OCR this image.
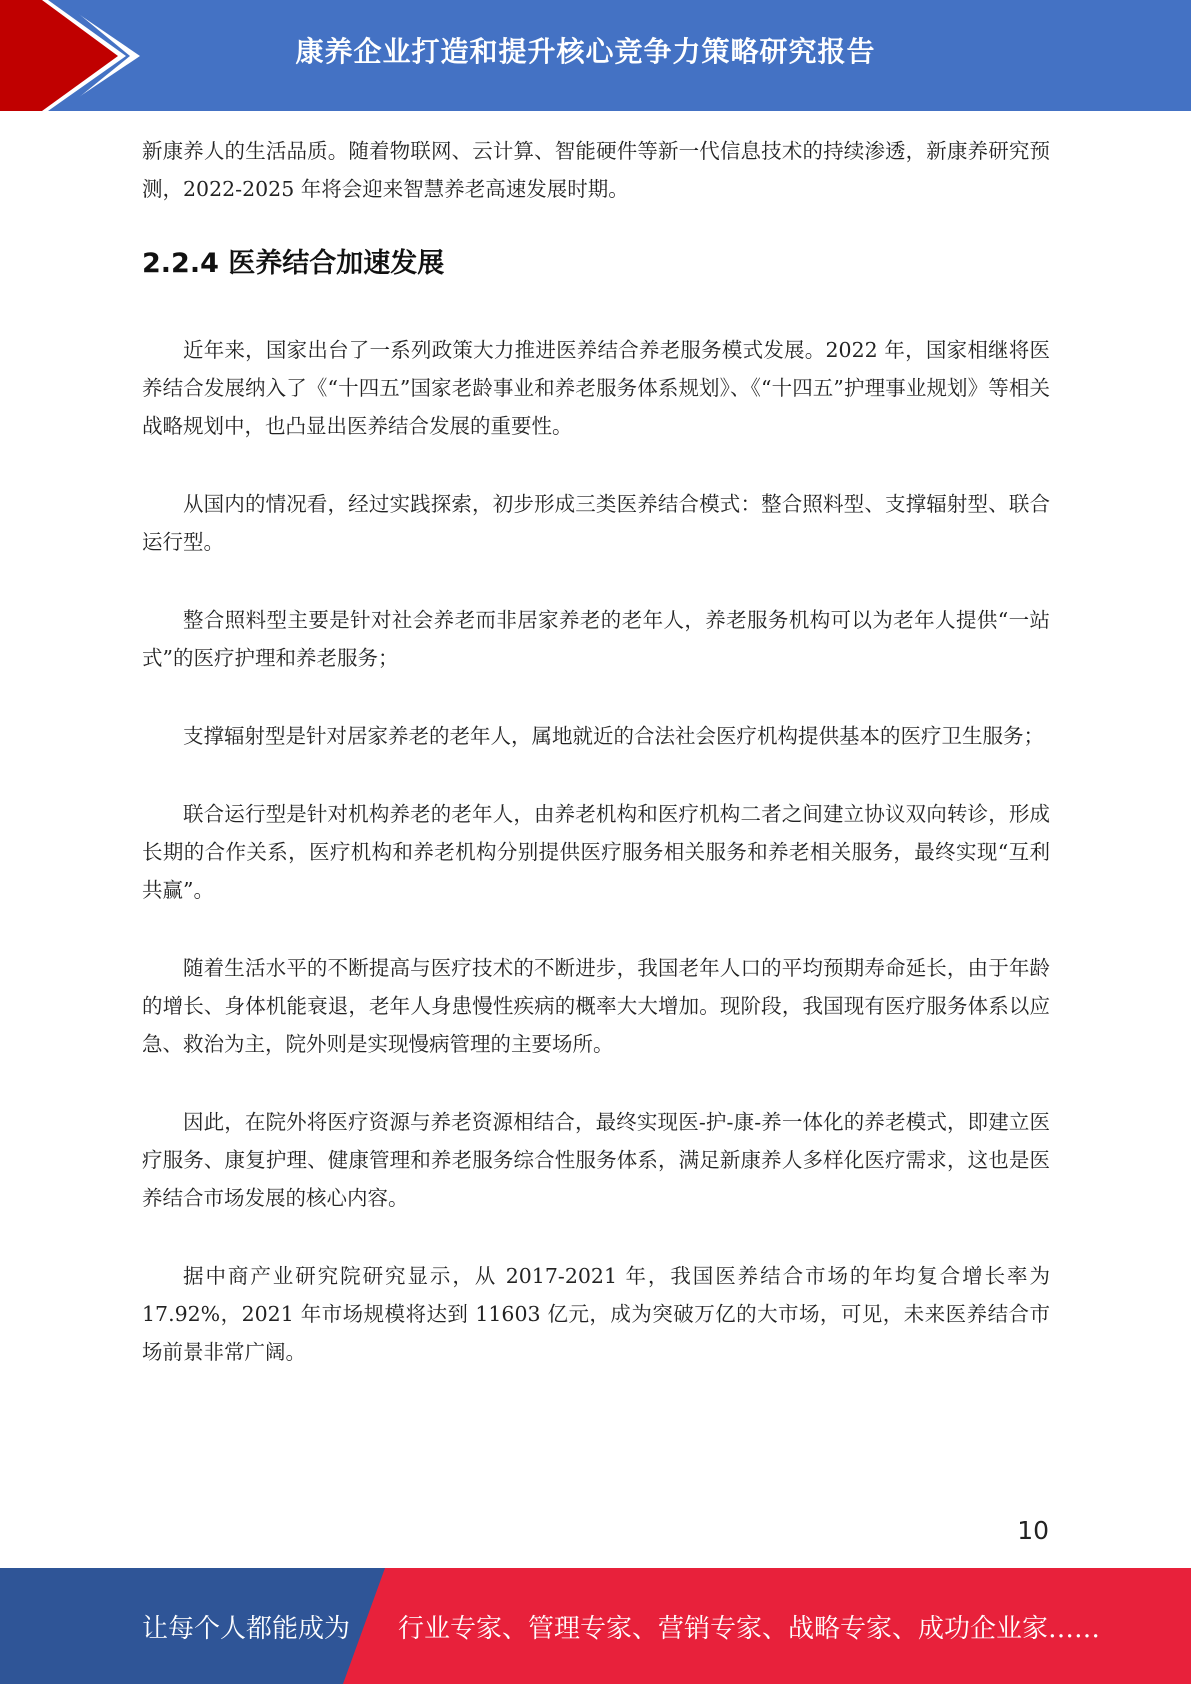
康养企业打造和提升核心竞争力策略研究报告

新康养人的生活品质。随着物联网、云计算、智能硬件等新一代信息技术的持续渗透，新康养研究预测，2022-2025 年将会迎来智慧养老高速发展时期。

2.2.4 医养结合加速发展

近年来，国家出台了一系列政策大力推进医养结合养老服务模式发展。2022 年，国家相继将医养结合发展纳入了《“十四五”国家老龄事业和养老服务体系规划》、《“十四五”护理事业规划》等相关战略规划中，也凸显出医养结合发展的重要性。

从国内的情况看，经过实践探索，初步形成三类医养结合模式：整合照料型、支撑辐射型、联合运行型。

整合照料型主要是针对社会养老而非居家养老的老年人，养老服务机构可以为老年人提供“一站式”的医疗护理和养老服务；

支撑辐射型是针对居家养老的老年人，属地就近的合法社会医疗机构提供基本的医疗卫生服务；

联合运行型是针对机构养老的老年人，由养老机构和医疗机构二者之间建立协议双向转诊，形成长期的合作关系，医疗机构和养老机构分别提供医疗服务相关服务和养老相关服务，最终实现“互利共赢”。

随着生活水平的不断提高与医疗技术的不断进步，我国老年人口的平均预期寿命延长，由于年龄的增长、身体机能衰退，老年人身患慢性疾病的概率大大增加。现阶段，我国现有医疗服务体系以应急、救治为主，院外则是实现慢病管理的主要场所。

因此，在院外将医疗资源与养老资源相结合，最终实现医-护-康-养一体化的养老模式，即建立医疗服务、康复护理、健康管理和养老服务综合性服务体系，满足新康养人多样化医疗需求，这也是医养结合市场发展的核心内容。

据中商产业研究院研究显示，从 2017-2021 年，我国医养结合市场的年均复合增长率为17.92%，2021 年市场规模将达到 11603 亿元，成为突破万亿的大市场，可见，未来医养结合市场前景非常广阔。

10
让每个人都能成为 行业专家、管理专家、营销专家、战略专家、成功企业家……
